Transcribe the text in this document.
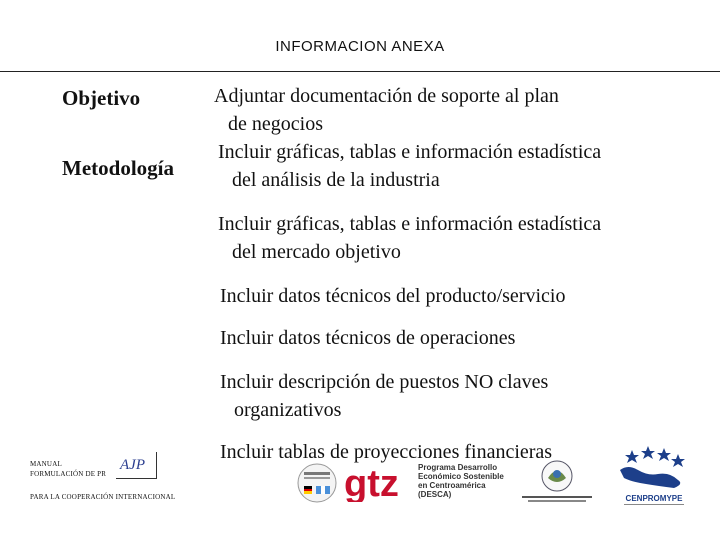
INFORMACION ANEXA
Objetivo
Metodología
Adjuntar documentación de soporte al plan
de negocios
Incluir gráficas, tablas e información estadística
del análisis de la industria
Incluir gráficas, tablas e información estadística
del mercado objetivo
Incluir datos técnicos del producto/servicio
Incluir datos técnicos de operaciones
Incluir descripción de puestos NO claves
organizativos
Incluir tablas de proyecciones financieras
MANUAL
FORMULACIÓN DE PR
PARA LA COOPERACIÓN INTERNACIONAL
AJP	gtz Programa Desarrollo
Económico Sostenible
en Centroamérica
(DESCA)	CENPROMYPE
